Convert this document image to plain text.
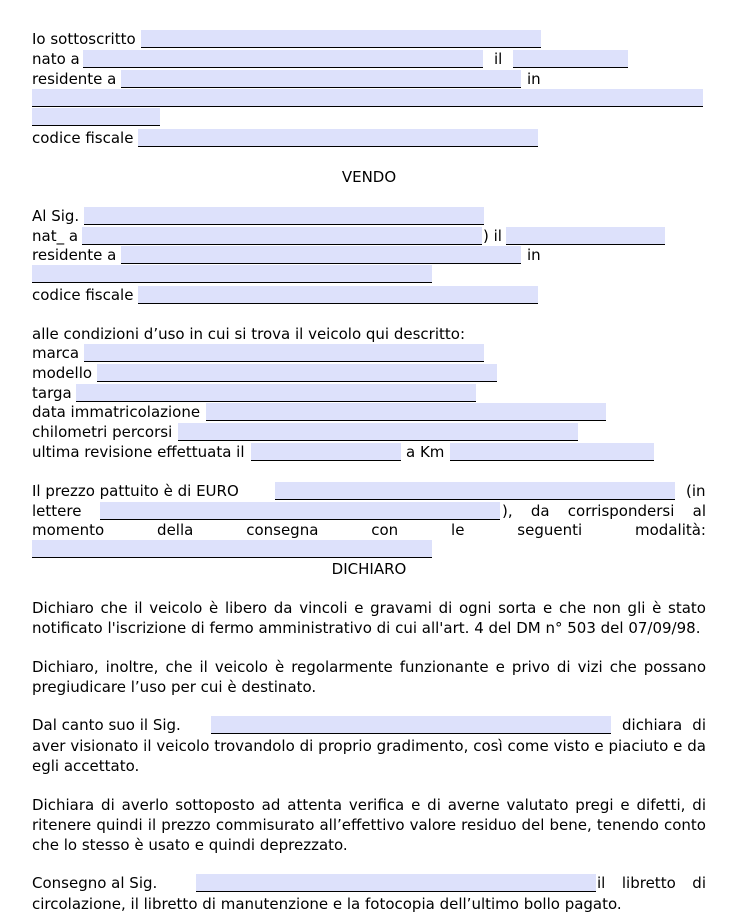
Io sottoscritto
nato a	il
residente a	in
codice fiscale
VENDO
Al Sig.
nat_ a	) il
residente a	in
codice fiscale
alle condizioni d’uso in cui si trova il veicolo qui descritto:
marca
modello
targa
data immatricolazione
chilometri percorsi
ultima revisione effettuata il	a Km
Il prezzo pattuito è di EURO	(in
lettere	), da corrispondersi al
momento della consegna con le seguenti modalità:
DICHIARO
Dichiaro che il veicolo è libero da vincoli e gravami di ogni sorta e che non gli è stato notificato l'iscrizione di fermo amministrativo di cui all'art. 4 del DM n° 503 del 07/09/98.
Dichiaro, inoltre, che il veicolo è regolarmente funzionante e privo di vizi che possano pregiudicare l’uso per cui è destinato.
Dal canto suo il Sig.	dichiara di
aver visionato il veicolo trovandolo di proprio gradimento, così come visto e piaciuto e da egli accettato.
Dichiara di averlo sottoposto ad attenta verifica e di averne valutato pregi e difetti, di ritenere quindi il prezzo commisurato all’effettivo valore residuo del bene, tenendo conto che lo stesso è usato e quindi deprezzato.
Consegno al Sig.	il libretto di
circolazione, il libretto di manutenzione e la fotocopia dell’ultimo bollo pagato.
